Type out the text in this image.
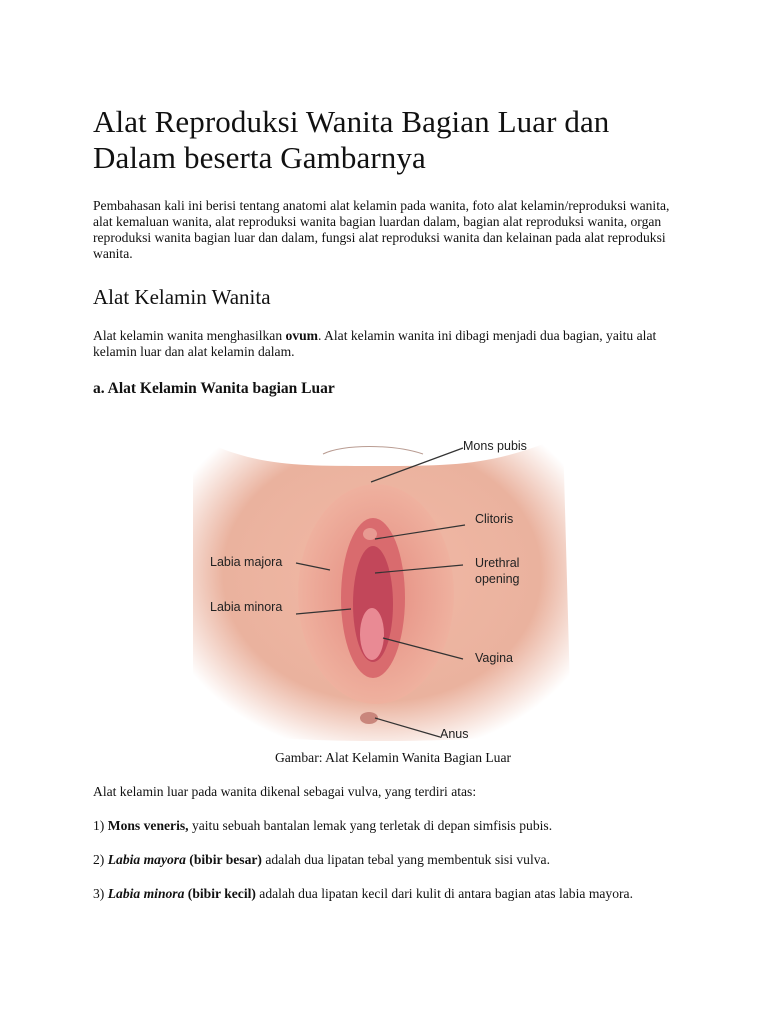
Alat Reproduksi Wanita Bagian Luar dan Dalam beserta Gambarnya

Pembahasan kali ini berisi tentang anatomi alat kelamin pada wanita, foto alat kelamin/reproduksi wanita, alat kemaluan wanita, alat reproduksi wanita bagian luardan dalam, bagian alat reproduksi wanita, organ reproduksi wanita bagian luar dan dalam, fungsi alat reproduksi wanita dan kelainan pada alat reproduksi wanita.

Alat Kelamin Wanita

Alat kelamin wanita menghasilkan ovum. Alat kelamin wanita ini dibagi menjadi dua bagian, yaitu alat kelamin luar dan alat kelamin dalam.

a. Alat Kelamin Wanita bagian Luar
Mons pubis
Clitoris
Labia majora	Urethral
opening
Labia minora
Vagina
Anus

Gambar: Alat Kelamin Wanita Bagian Luar

Alat kelamin luar pada wanita dikenal sebagai vulva, yang terdiri atas:

1) Mons veneris, yaitu sebuah bantalan lemak yang terletak di depan simfisis pubis.

2) Labia mayora (bibir besar) adalah dua lipatan tebal yang membentuk sisi vulva.

3) Labia minora (bibir kecil) adalah dua lipatan kecil dari kulit di antara bagian atas labia mayora.
